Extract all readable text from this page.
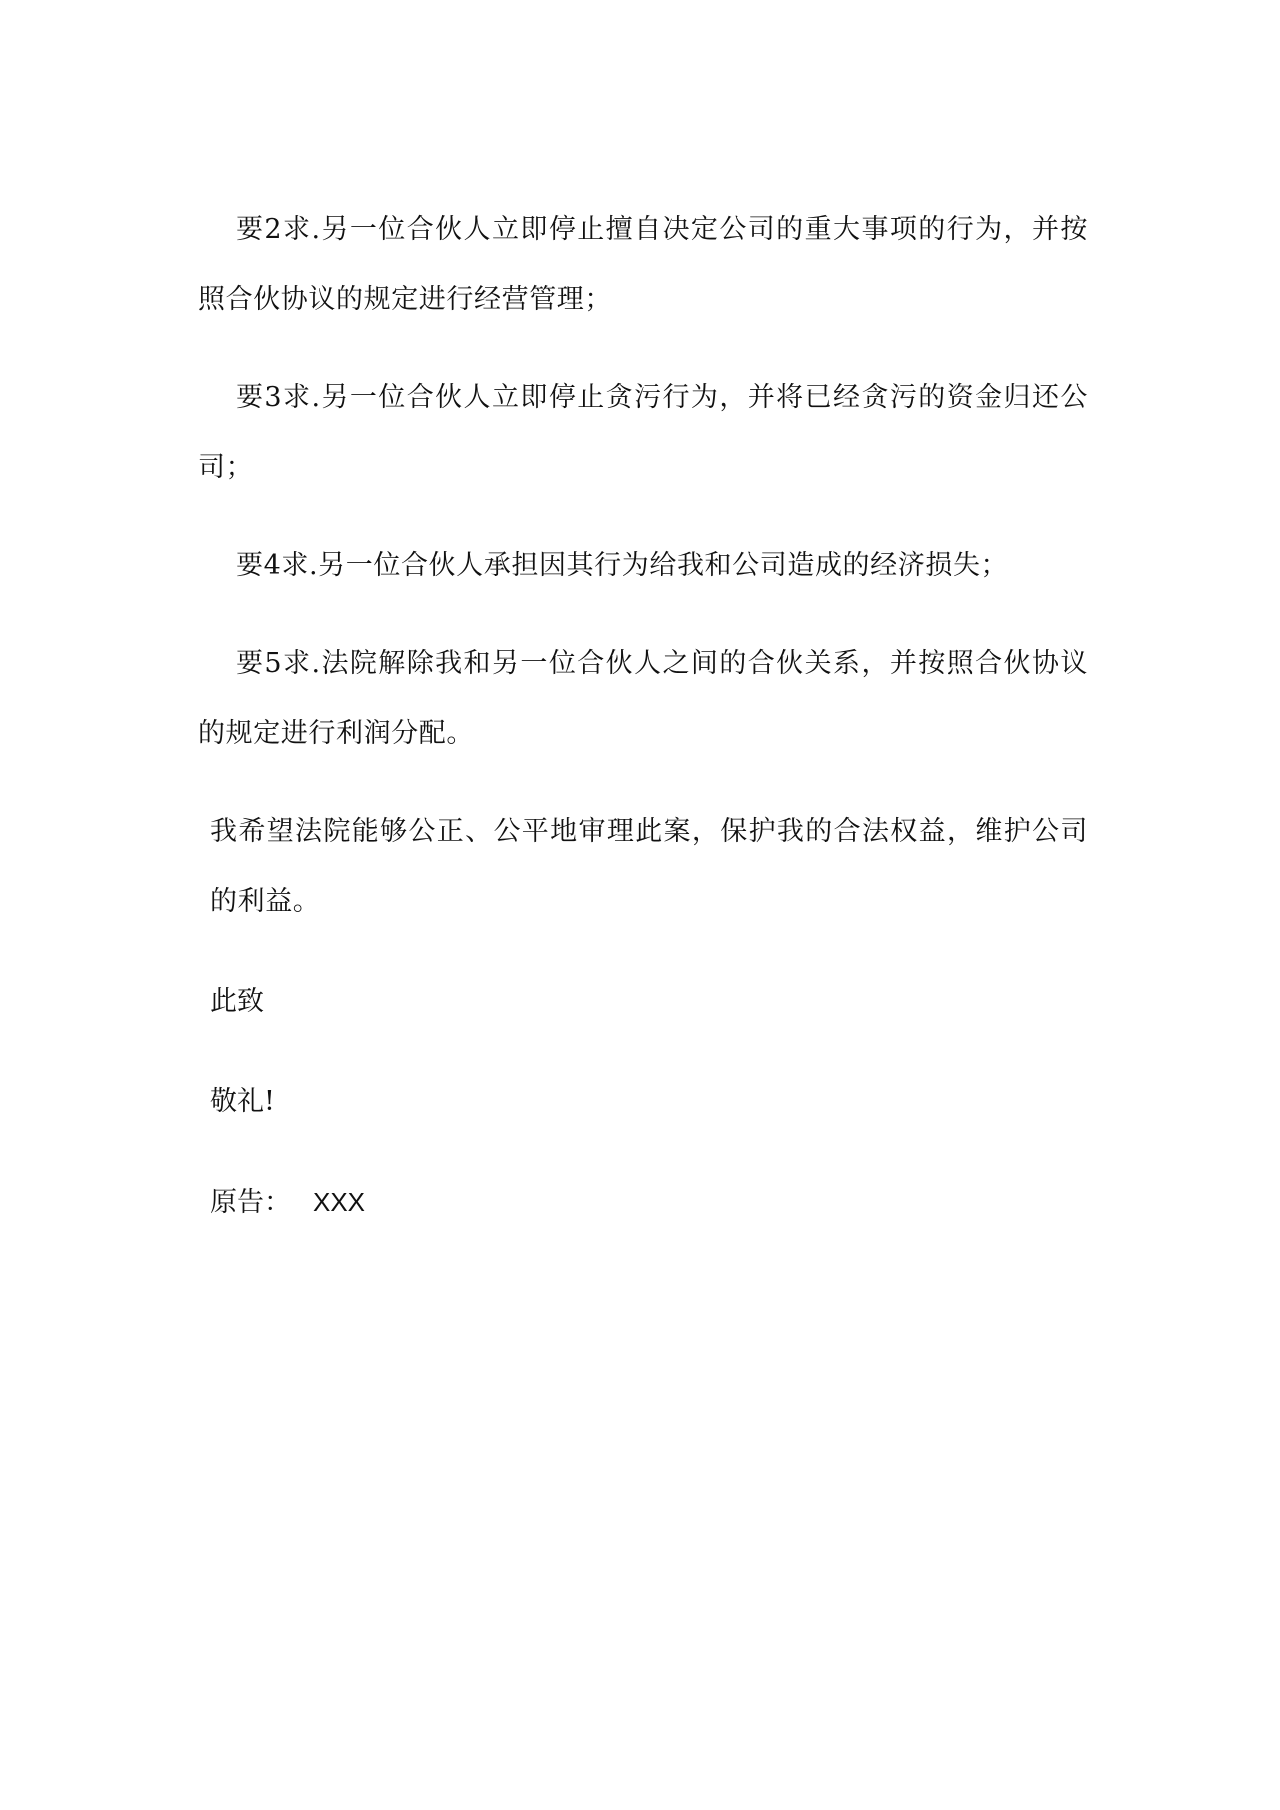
要2求.另一位合伙人立即停止擅自决定公司的重大事项的行为，并按照合伙协议的规定进行经营管理；

要3求.另一位合伙人立即停止贪污行为，并将已经贪污的资金归还公司；

要4求.另一位合伙人承担因其行为给我和公司造成的经济损失；

要5求.法院解除我和另一位合伙人之间的合伙关系，并按照合伙协议的规定进行利润分配。

我希望法院能够公正、公平地审理此案，保护我的合法权益，维护公司的利益。

此致

敬礼!

原告： XXX
